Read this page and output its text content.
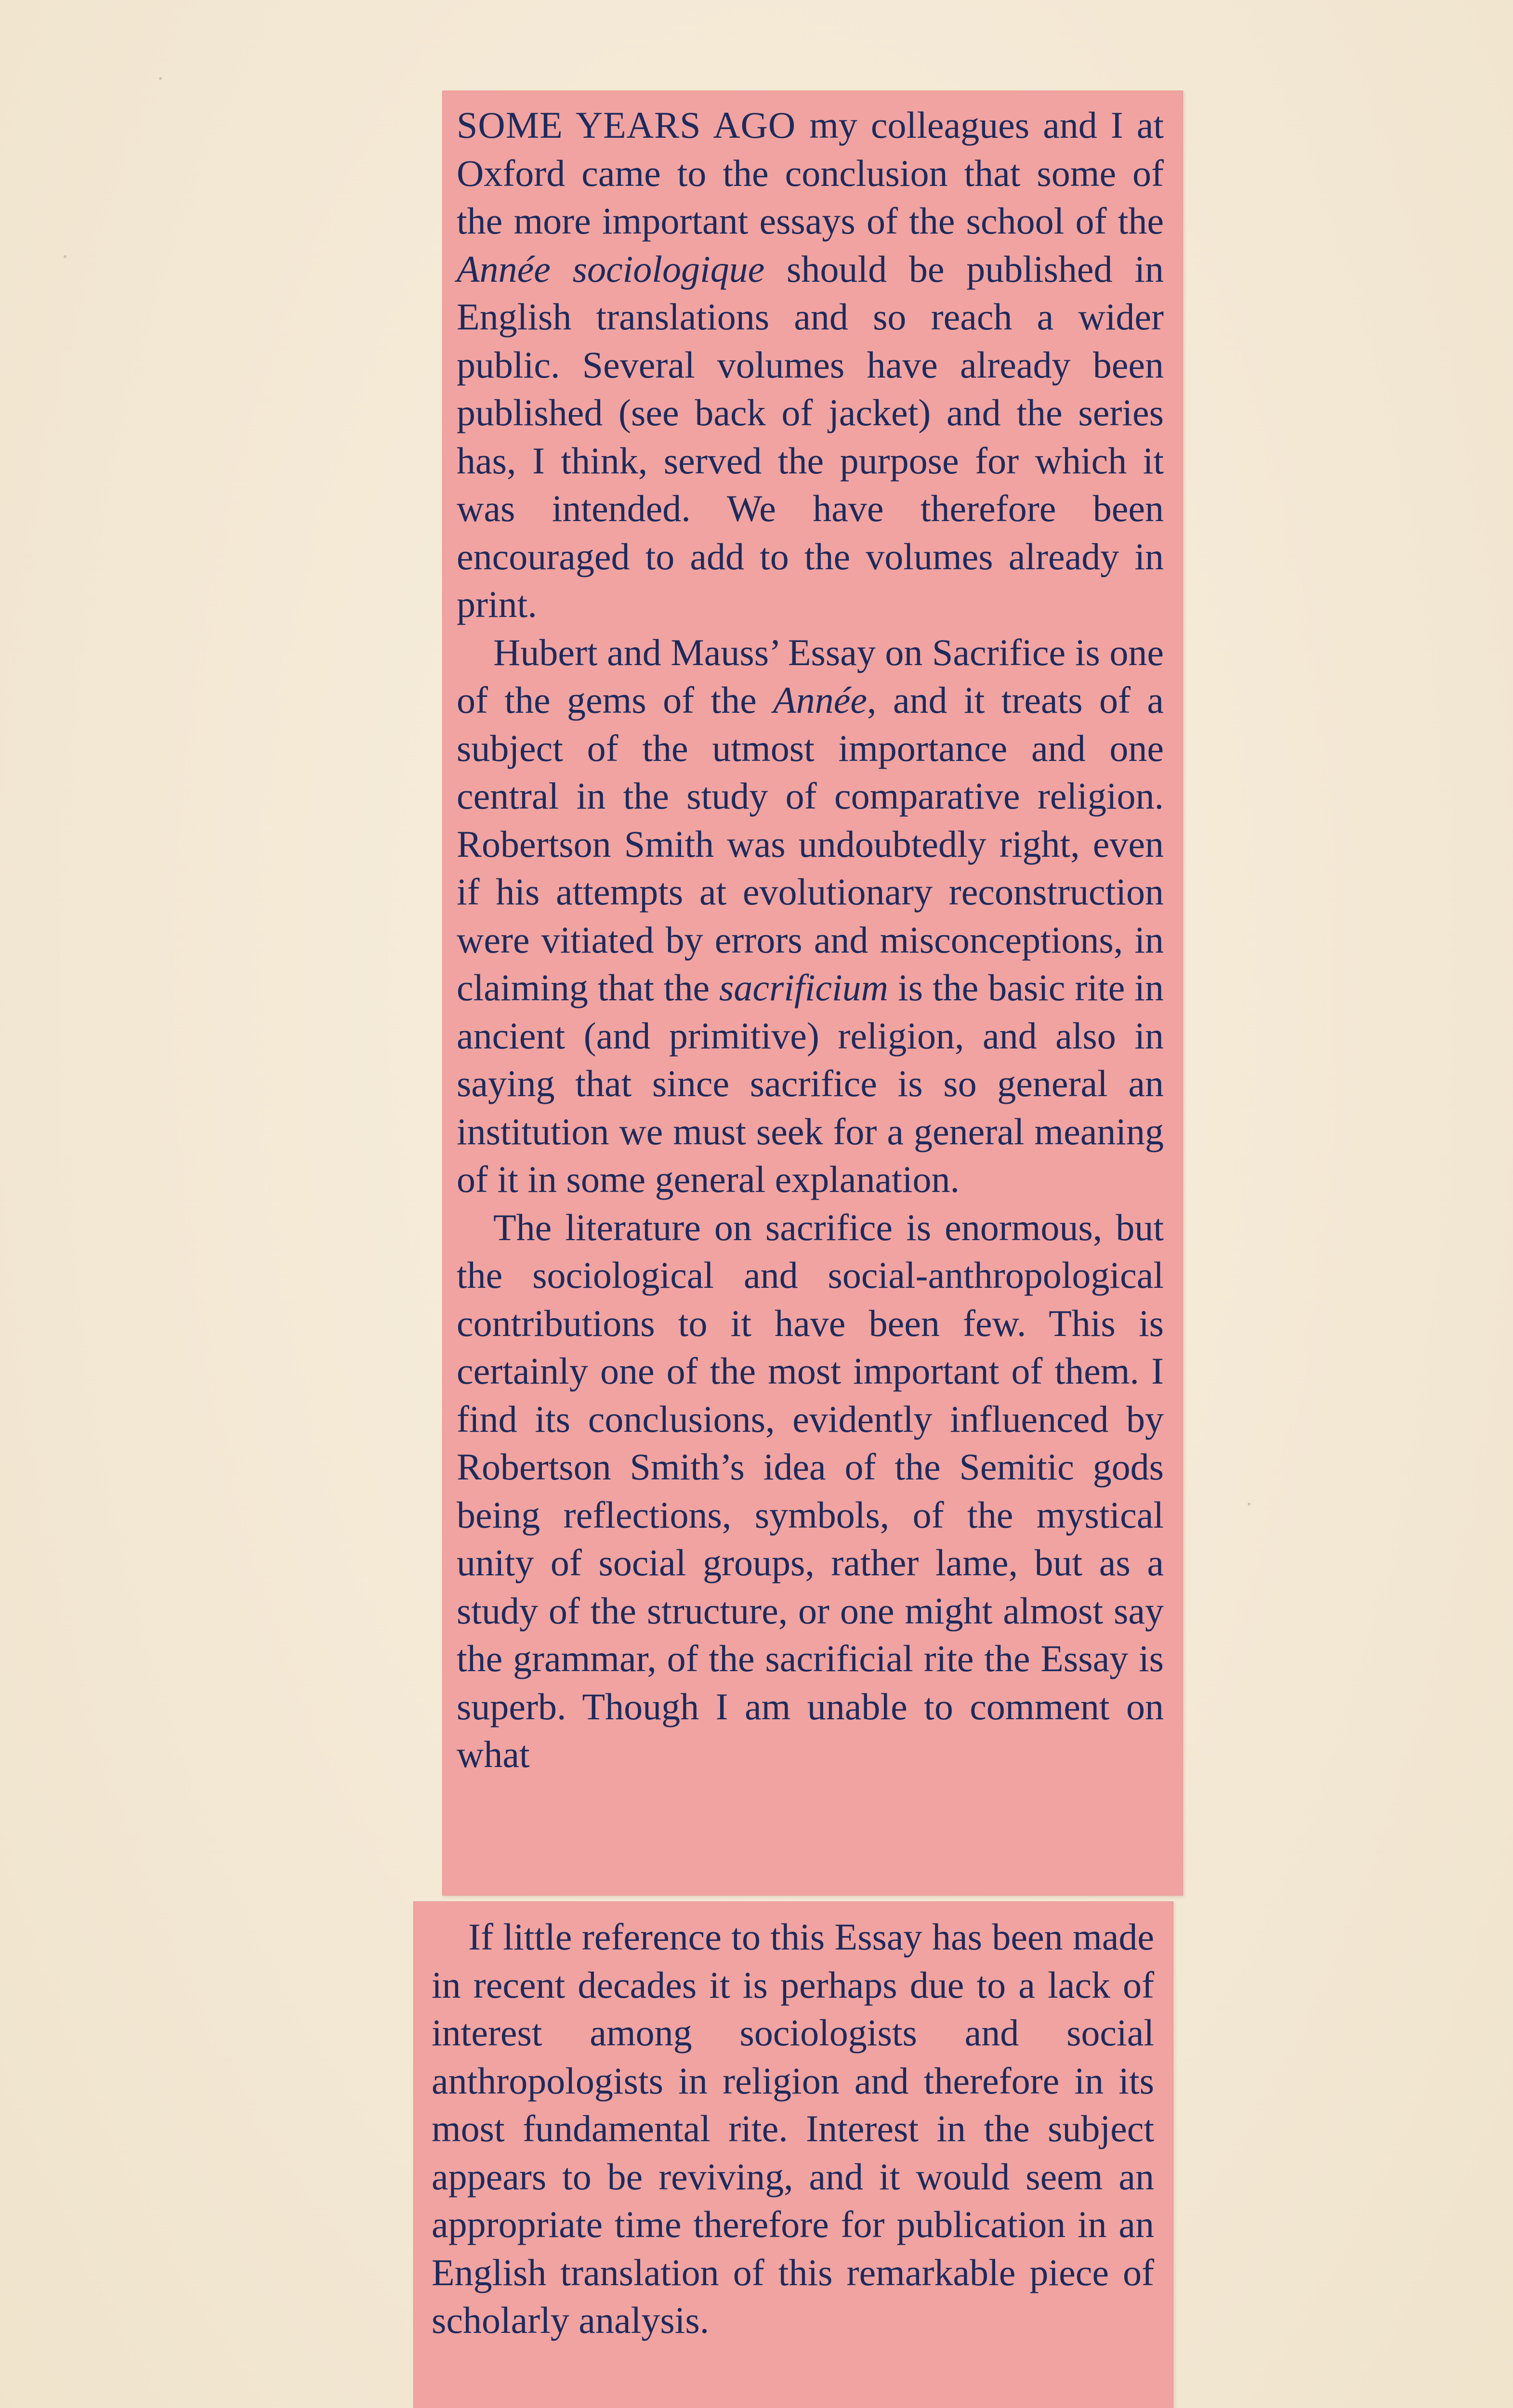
SOME YEARS AGO my colleagues and I at Oxford came to the conclusion that some of the more important essays of the school of the Année sociologique should be published in English translations and so reach a wider public. Several volumes have already been published (see back of jacket) and the series has, I think, served the purpose for which it was intended. We have therefore been encouraged to add to the volumes already in print.

Hubert and Mauss’ Essay on Sacrifice is one of the gems of the Année, and it treats of a subject of the utmost importance and one central in the study of comparative religion. Robertson Smith was undoubtedly right, even if his attempts at evolutionary reconstruction were vitiated by errors and misconceptions, in claiming that the sacrificium is the basic rite in ancient (and primitive) religion, and also in saying that since sacrifice is so general an institution we must seek for a general meaning of it in some general explanation.

The literature on sacrifice is enormous, but the sociological and social-anthropological contributions to it have been few. This is certainly one of the most important of them. I find its conclusions, evidently influenced by Robertson Smith’s idea of the Semitic gods being reflections, symbols, of the mystical unity of social groups, rather lame, but as a study of the structure, or one might almost say the grammar, of the sacrificial rite the Essay is superb. Though I am unable to comment on what

If little reference to this Essay has been made in recent decades it is perhaps due to a lack of interest among sociologists and social anthropologists in religion and therefore in its most fundamental rite. Interest in the subject appears to be reviving, and it would seem an appropriate time therefore for publication in an English translation of this remarkable piece of scholarly analysis.
